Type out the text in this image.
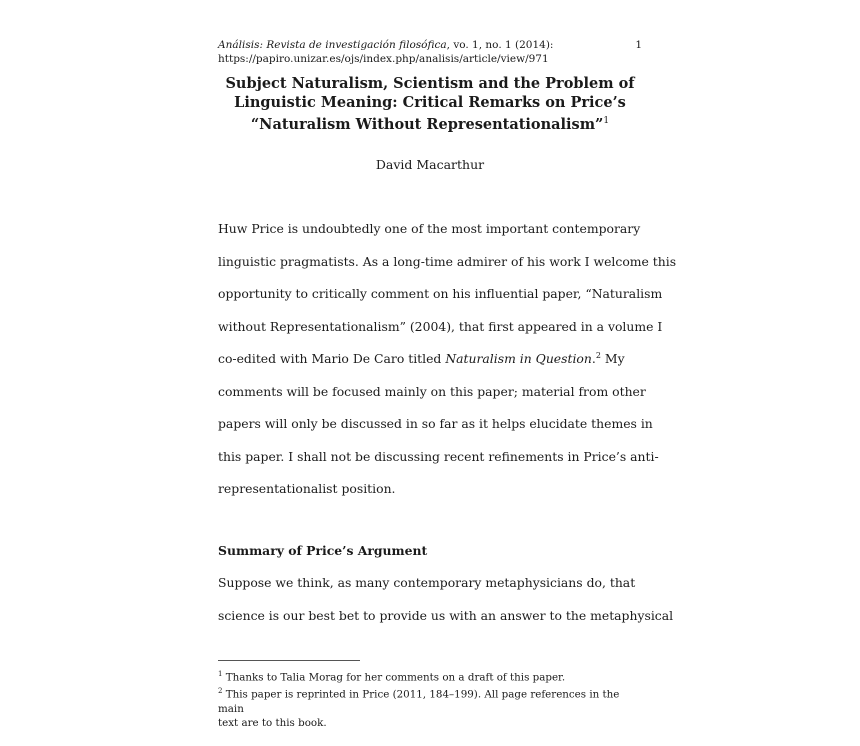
Análisis: Revista de investigación filosófica, vo. 1, no. 1 (2014):
https://papiro.unizar.es/ojs/index.php/analisis/article/view/971
1
Subject Naturalism, Scientism and the Problem of
Linguistic Meaning: Critical Remarks on Price’s
“Naturalism Without Representationalism”$^1$
David Macarthur
Huw Price is undoubtedly one of the most important contemporary
linguistic pragmatists. As a long-time admirer of his work I welcome this
opportunity to critically comment on his influential paper, “Naturalism
without Representationalism” (2004), that first appeared in a volume I
co-edited with Mario De Caro titled Naturalism in Question.$^2$ My
comments will be focused mainly on this paper; material from other
papers will only be discussed in so far as it helps elucidate themes in
this paper. I shall not be discussing recent refinements in Price’s anti-
representationalist position.
Summary of Price’s Argument
Suppose we think, as many contemporary metaphysicians do, that
science is our best bet to provide us with an answer to the metaphysical
$^1$ Thanks to Talia Morag for her comments on a draft of this paper.
$^2$ This paper is reprinted in Price (2011, 184–199). All page references in the main
text are to this book.
